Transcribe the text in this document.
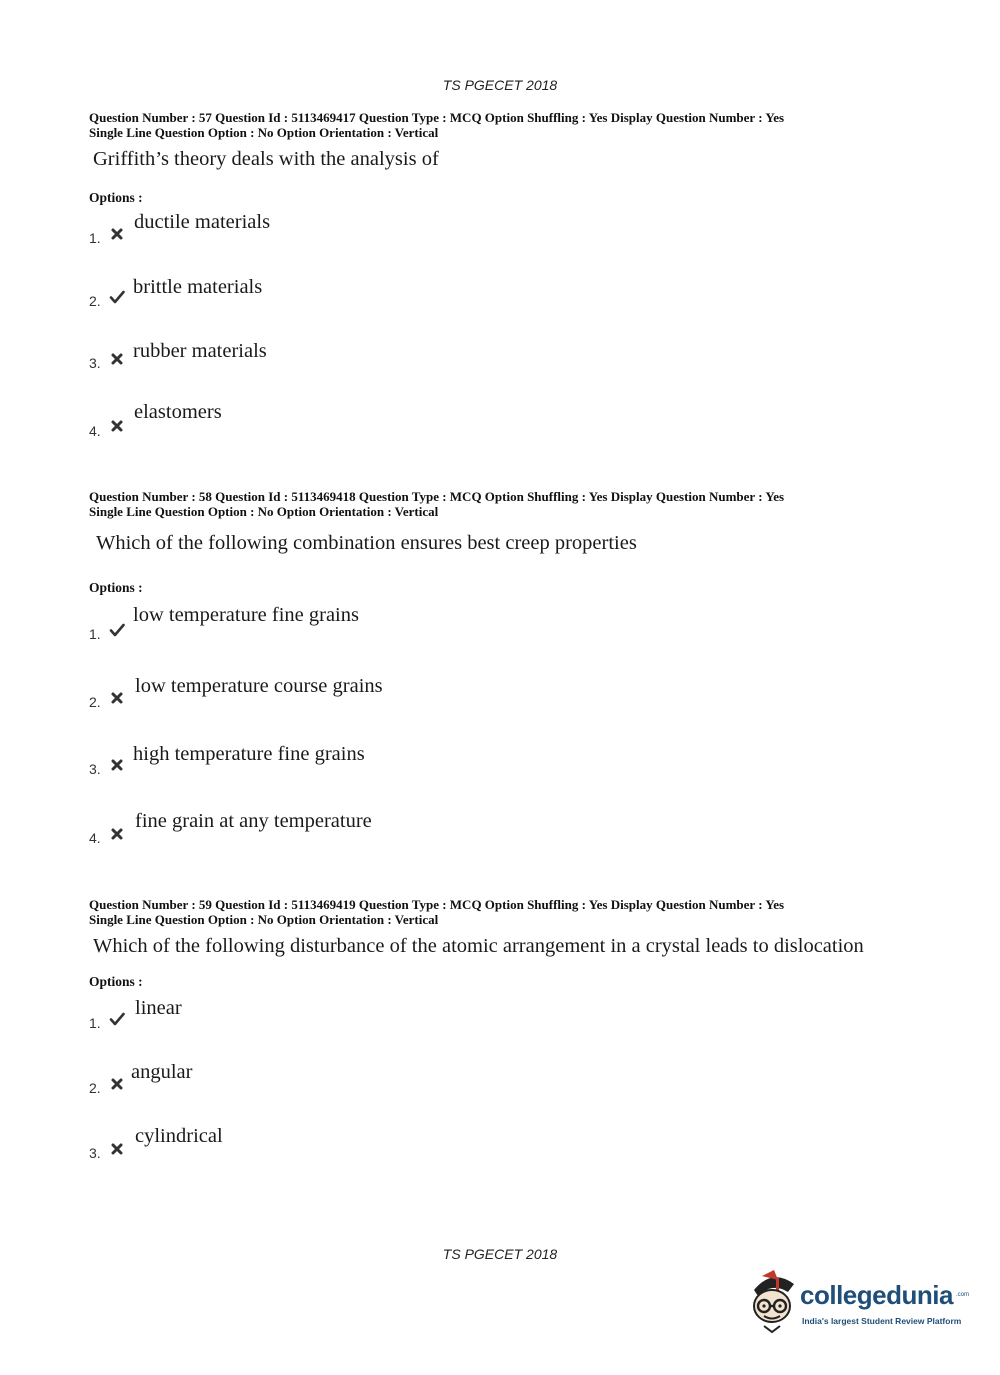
TS PGECET 2018
Question Number : 57 Question Id : 5113469417 Question Type : MCQ Option Shuffling : Yes Display Question Number : Yes
Single Line Question Option : No Option Orientation : Vertical
Griffith’s theory deals with the analysis of
Options :
1.
ductile materials
2.
brittle materials
3.
rubber materials
4.
elastomers
Question Number : 58 Question Id : 5113469418 Question Type : MCQ Option Shuffling : Yes Display Question Number : Yes
Single Line Question Option : No Option Orientation : Vertical
Which of the following combination ensures best creep properties
Options :
1.
low temperature fine grains
2.
low temperature course grains
3.
high temperature fine grains
4.
fine grain at any temperature
Question Number : 59 Question Id : 5113469419 Question Type : MCQ Option Shuffling : Yes Display Question Number : Yes
Single Line Question Option : No Option Orientation : Vertical
Which of the following disturbance of the atomic arrangement in a crystal leads to dislocation
Options :
1.
linear
2.
angular
3.
cylindrical
TS PGECET 2018
collegedunia .com
India's largest Student Review Platform
